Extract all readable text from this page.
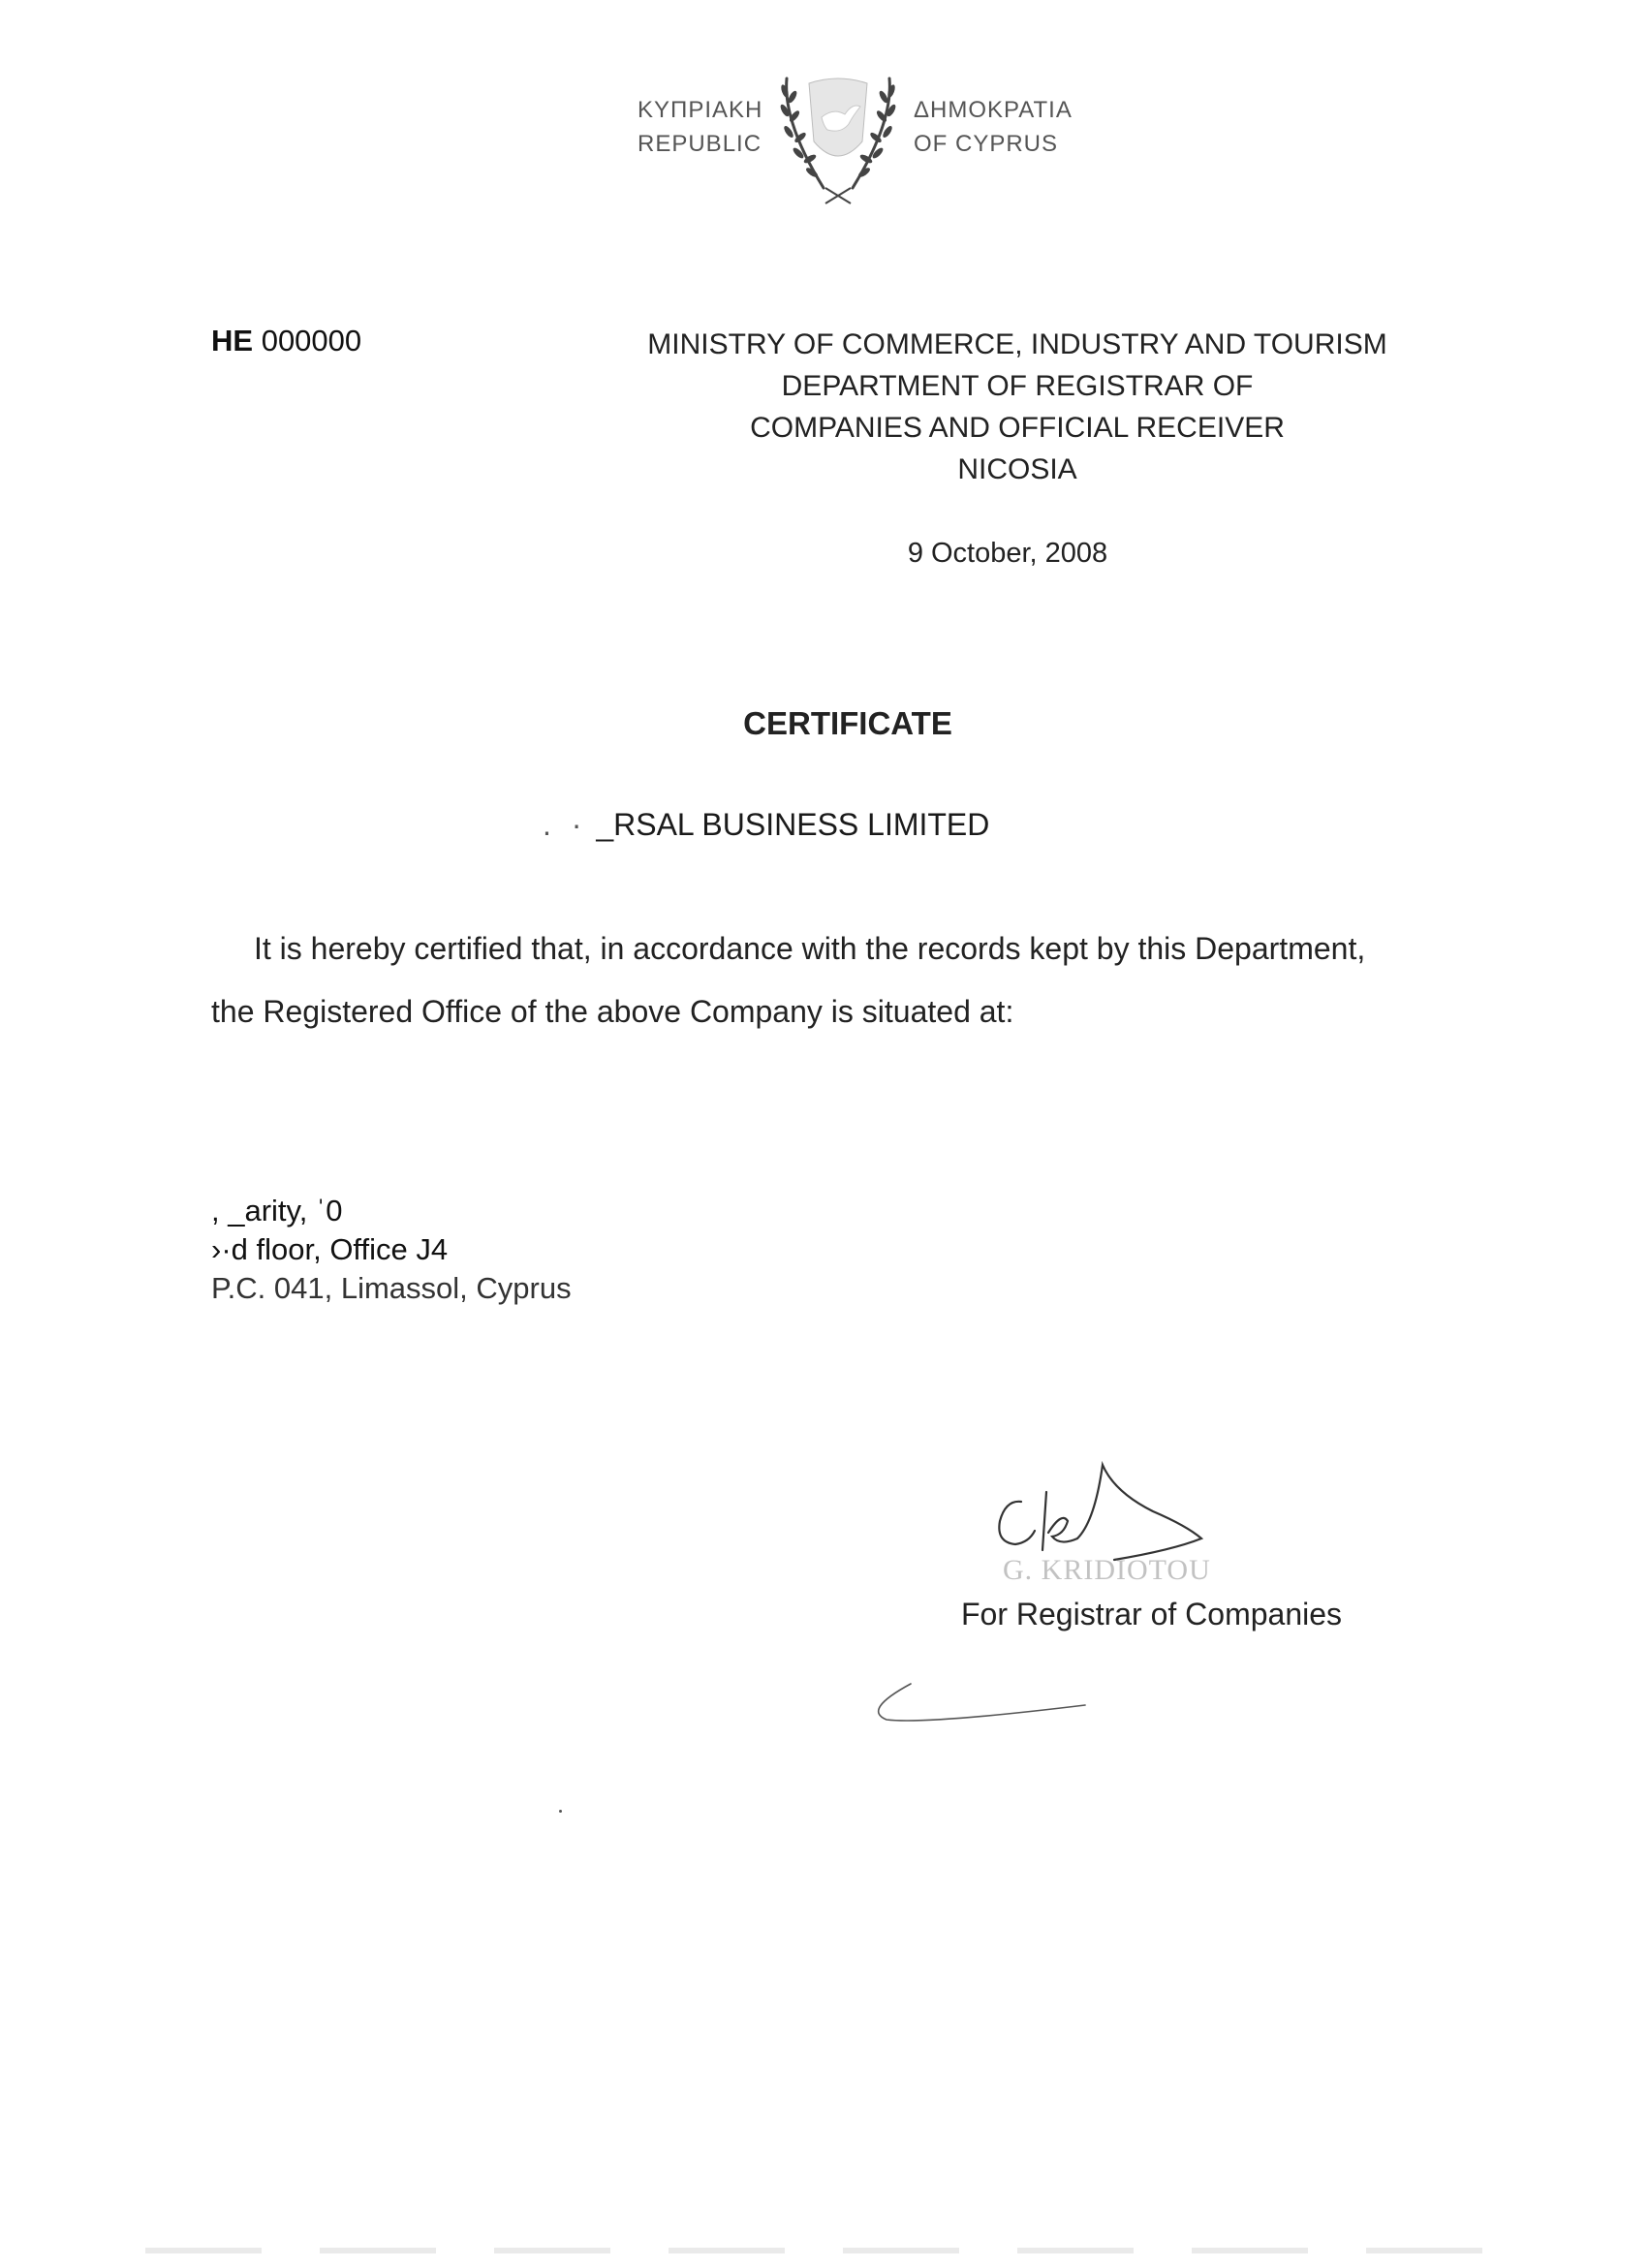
ΚΥΠΡΙΑΚΗ
REPUBLIC
ΔΗΜΟΚΡΑΤΙΑ
OF CYPRUS
HE 000000	MINISTRY OF COMMERCE, INDUSTRY AND TOURISM
DEPARTMENT OF REGISTRAR OF
COMPANIES AND OFFICIAL RECEIVER
NICOSIA
9 October, 2008
CERTIFICATE
. · _RSAL BUSINESS LIMITED
It is hereby certified that, in accordance with the records kept by this Department,
the Registered Office of the above Company is situated at:
, _arity, ˈ0
›·d floor, Office J4
P.C. 041, Limassol, Cyprus
G. KRIDIOTOU
For Registrar of Companies
